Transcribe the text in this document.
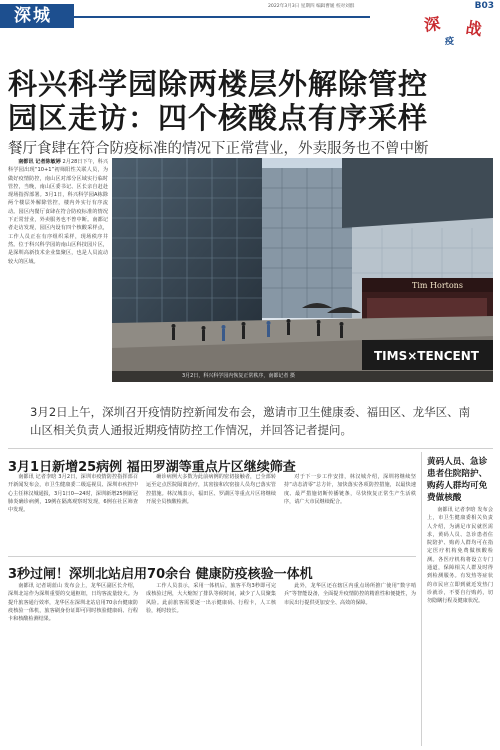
深城	2022年3月3日 星期四 编辑曹媛 校对刘群	B03
深 战
疫
科兴科学园除两楼层外解除管控
园区走访：四个核酸点有序采样
餐厅食肆在符合防疫标准的情况下正常营业，外卖服务也不曾中断
南都讯 记者陈敏婷 2月28日下午，科兴科学园出现“10+1”初筛阳性关联人员，为做好疫情防控，南山区对部分区域实行临时管控，当晚，南山区委书记、区长亲自赶赴现场指挥部署。3月1日，科兴科学园A栋除两个楼层外解除管控，楼内外实行有序流动。园区内餐厅食肆在符合防疫标准的情况下正常营业，外卖服务也不曾中断。南都记者走访发现，园区内设有四个核酸采样点，工作人员正在有序组织采样，现场秩序井然。位于科兴科学园的南山区科技园片区，是深圳高新技术企业集聚区，也是人员流动较大的区域。
Tim Hortons
TIMS×TENCENT
3月2日，科兴科学园内恢复正常秩序，南都记者 摄
3月2日上午，深圳召开疫情防控新闻发布会，邀请市卫生健康委、福田区、龙华区、南山区相关负责人通报近期疫情防控工作情况，并回答记者提问。
3月1日新增25病例 福田罗湖等重点片区继续筛查
南都讯 记者李晗 3月2日，深圳市疫情防控指挥部召开新闻发布会，市卫生健康委二级巡视员、深圳市疾控中心主任林汉城通报，3月1日0—24时，深圳新增25例新冠肺炎确诊病例，19例在隔离观察时发现，6例在社区筛查中发现。
确诊病例大多数为此前病例的密切接触者，已全部转运至定点医院隔离治疗，其密接和次密接人员均已落实管控措施。林汉城表示，福田区、罗湖区等重点片区将继续开展全员核酸检测。
对于下一步工作安排，林汉城介绍，深圳将继续坚持“动态清零”总方针，加快落实各项防控措施，以最快速度、最严措施切断传播链条，尽快恢复正常生产生活秩序，请广大市民继续配合。
3秒过闸！深圳北站启用70余台 健康防疫核验一体机
南都讯 记者胡蓝山 发布会上，龙华区副区长介绍，深圳北站作为深圳重要的交通枢纽，日均客流量较大。为提升旅客通行效率，龙华区在深圳北站启用70余台健康防疫核验一体机，旅客刷身份证即可同时核验健康码、行程卡和核酸检测结果。
工作人员表示，采用一体机后，旅客平均3秒即可完成核验过闸，大大缩短了排队等候时间，减少了人员聚集风险。此前旅客需要逐一出示健康码、行程卡，人工核验，耗时较长。
此外，龙华区还在辖区内重点场所推广使用“数字哨兵”等智能设备，全面提升疫情防控的精准性和便捷性，为市民出行提供更加安全、高效的保障。
黄码人员、急诊患者住院陪护、购药人群均可免费做核酸
南都讯 记者李晗 发布会上，市卫生健康委相关负责人介绍，为满足市民就医需求，黄码人员、急诊患者住院陪护、购药人群均可在指定医疗机构免费做核酸检测。各医疗机构将设立专门通道，保障相关人群及时得到检测服务。有发热等症状的市民应立即到就近发热门诊就诊，不要自行购药，切勿隐瞒行程及健康状况。
